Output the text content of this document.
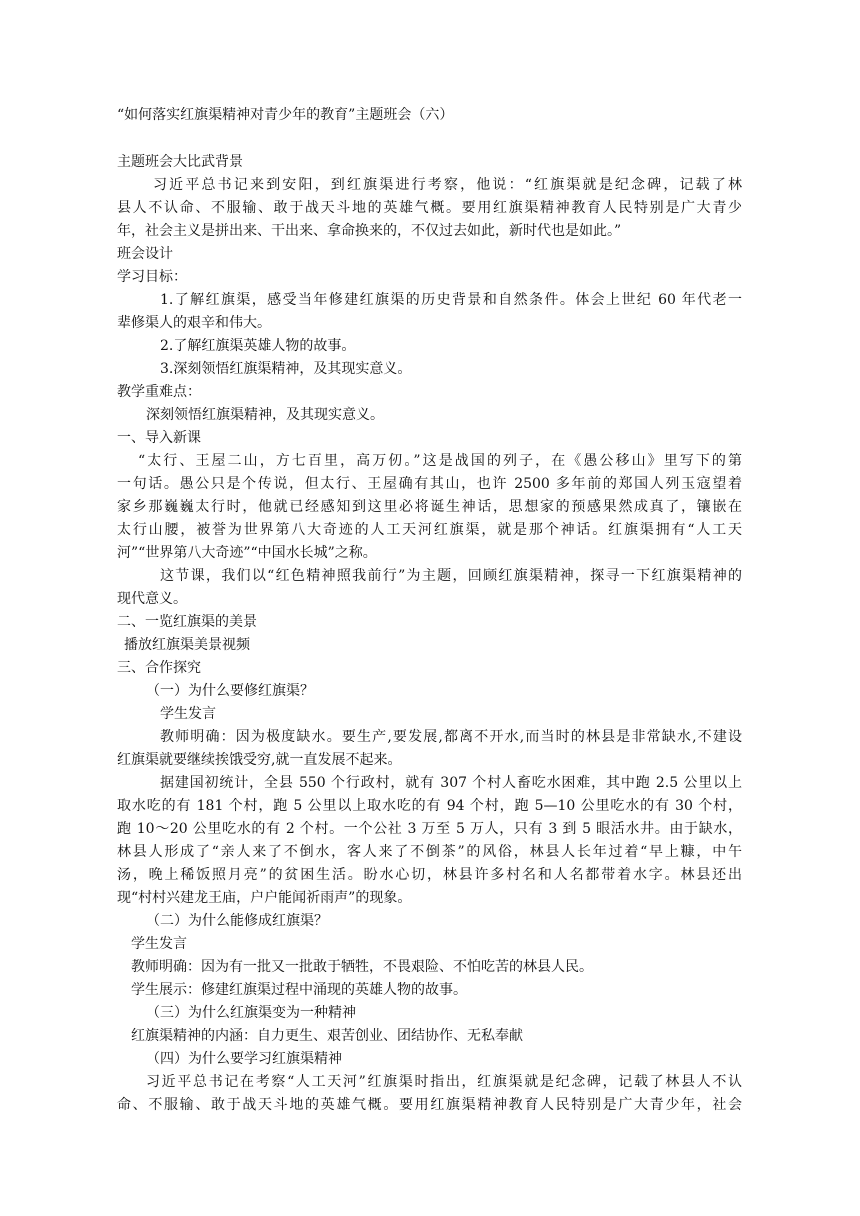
“如何落实红旗渠精神对青少年的教育”主题班会（六）
主题班会大比武背景
习近平总书记来到安阳，到红旗渠进行考察，他说：“红旗渠就是纪念碑，记载了林
县人不认命、不服输、敢于战天斗地的英雄气概。要用红旗渠精神教育人民特别是广大青少
年，社会主义是拼出来、干出来、拿命换来的，不仅过去如此，新时代也是如此。”
班会设计
学习目标：
1.了解红旗渠，感受当年修建红旗渠的历史背景和自然条件。体会上世纪 60 年代老一
辈修渠人的艰辛和伟大。
2.了解红旗渠英雄人物的故事。
3.深刻领悟红旗渠精神，及其现实意义。
教学重难点：
深刻领悟红旗渠精神，及其现实意义。
一、导入新课
“太行、王屋二山，方七百里，高万仞。”这是战国的列子，在《愚公移山》里写下的第
一句话。愚公只是个传说，但太行、王屋确有其山，也许 2500 多年前的郑国人列玉寇望着
家乡那巍巍太行时，他就已经感知到这里必将诞生神话，思想家的预感果然成真了，镶嵌在
太行山腰，被誉为世界第八大奇迹的人工天河红旗渠，就是那个神话。红旗渠拥有“人工天
河”“世界第八大奇迹”“中国水长城”之称。
这节课，我们以“红色精神照我前行”为主题，回顾红旗渠精神，探寻一下红旗渠精神的
现代意义。
二、一览红旗渠的美景
播放红旗渠美景视频
三、合作探究
（一）为什么要修红旗渠？
学生发言
教师明确：因为极度缺水。要生产,要发展,都离不开水,而当时的林县是非常缺水,不建设
红旗渠就要继续挨饿受穷,就一直发展不起来。
据建国初统计，全县 550 个行政村，就有 307 个村人畜吃水困难，其中跑 2.5 公里以上
取水吃的有 181 个村，跑 5 公里以上取水吃的有 94 个村，跑 5—10 公里吃水的有 30 个村，
跑 10～20 公里吃水的有 2 个村。一个公社 3 万至 5 万人，只有 3 到 5 眼活水井。由于缺水，
林县人形成了“亲人来了不倒水，客人来了不倒茶”的风俗，林县人长年过着“早上糠，中午
汤，晚上稀饭照月亮”的贫困生活。盼水心切，林县许多村名和人名都带着水字。林县还出
现“村村兴建龙王庙，户户能闻祈雨声”的现象。
（二）为什么能修成红旗渠？
学生发言
教师明确：因为有一批又一批敢于牺牲，不畏艰险、不怕吃苦的林县人民。
学生展示：修建红旗渠过程中涌现的英雄人物的故事。
（三）为什么红旗渠变为一种精神
红旗渠精神的内涵：自力更生、艰苦创业、团结协作、无私奉献
（四）为什么要学习红旗渠精神
习近平总书记在考察“人工天河”红旗渠时指出，红旗渠就是纪念碑，记载了林县人不认
命、不服输、敢于战天斗地的英雄气概。要用红旗渠精神教育人民特别是广大青少年，社会
